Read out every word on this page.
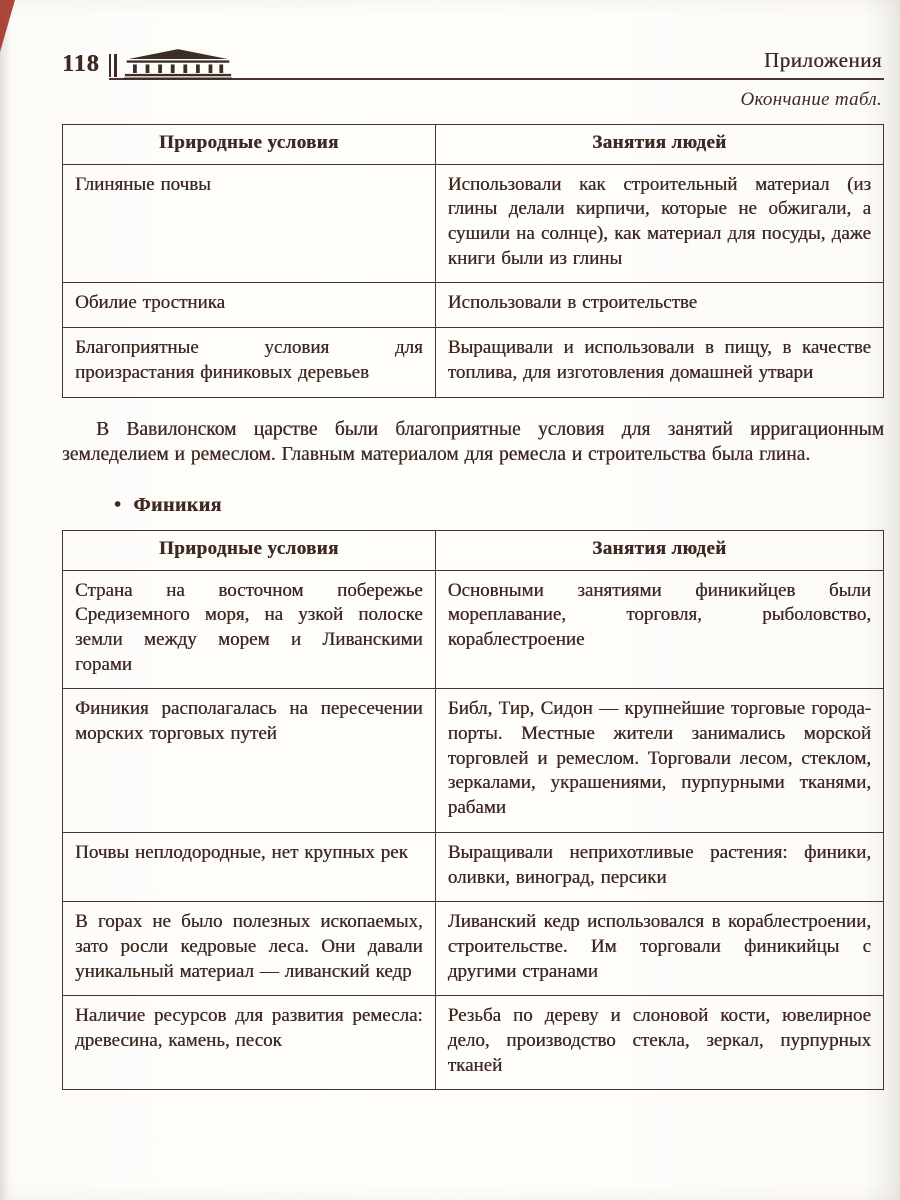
118	Приложения
Окончание табл.
Природные условия	Занятия людей
Глиняные почвы	Использовали как строительный материал (из глины делали кирпичи, которые не обжигали, а сушили на солнце), как материал для посуды, даже книги были из глины
Обилие тростника	Использовали в строительстве
Благоприятные условия для произрастания финиковых деревьев	Выращивали и использовали в пищу, в качестве топлива, для изготовления домашней утвари

В Вавилонском царстве были благоприятные условия для занятий ирригационным земледелием и ремеслом. Главным материалом для ремесла и строительства была глина.

• Финикия
Природные условия	Занятия людей
Страна на восточном побережье Средиземного моря, на узкой полоске земли между морем и Ливанскими горами	Основными занятиями финикийцев были мореплавание, торговля, рыболовство, кораблестроение
Финикия располагалась на пересечении морских торговых путей	Библ, Тир, Сидон — крупнейшие торговые города-порты. Местные жители занимались морской торговлей и ремеслом. Торговали лесом, стеклом, зеркалами, украшениями, пурпурными тканями, рабами
Почвы неплодородные, нет крупных рек	Выращивали неприхотливые растения: финики, оливки, виноград, персики
В горах не было полезных ископаемых, зато росли кедровые леса. Они давали уникальный материал — ливанский кедр	Ливанский кедр использовался в кораблестроении, строительстве. Им торговали финикийцы с другими странами
Наличие ресурсов для развития ремесла: древесина, камень, песок	Резьба по дереву и слоновой кости, ювелирное дело, производство стекла, зеркал, пурпурных тканей
